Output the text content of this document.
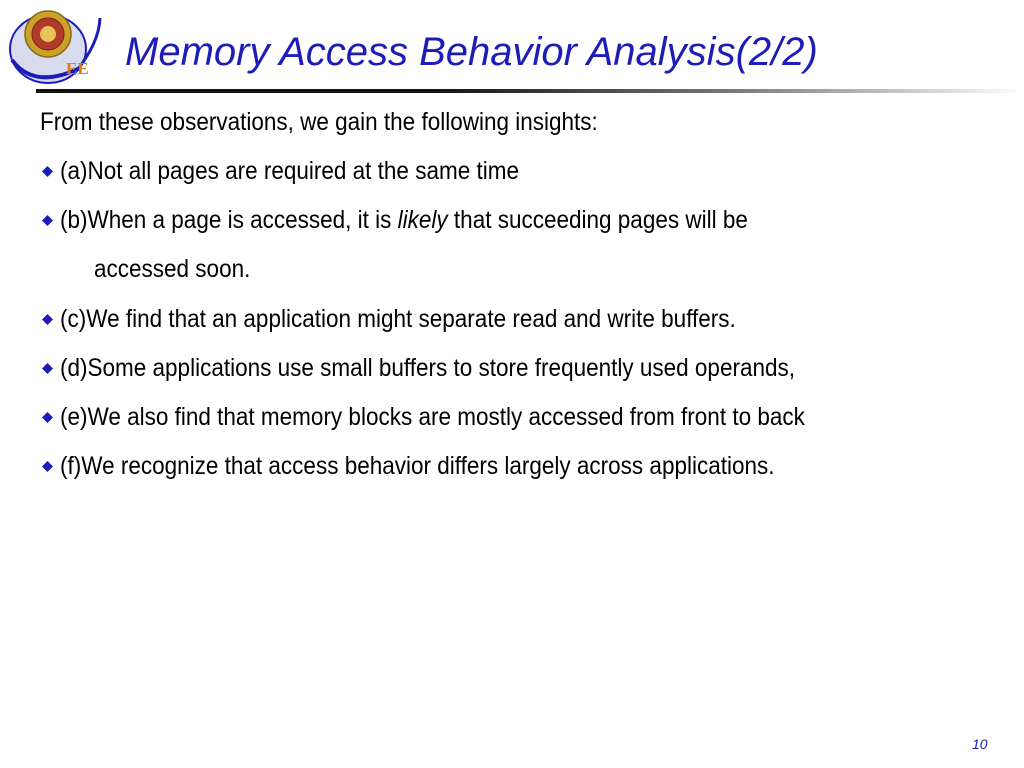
EE Memory Access Behavior Analysis(2/2)
From these observations, we gain the following insights:
(a)Not all pages are required at the same time
(b)When a page is accessed, it is likely that succeeding pages will be
accessed soon.
(c)We find that an application might separate read and write buffers.
(d)Some applications use small buffers to store frequently used operands,
(e)We also find that memory blocks are mostly accessed from front to back
(f)We recognize that access behavior differs largely across applications.
10
